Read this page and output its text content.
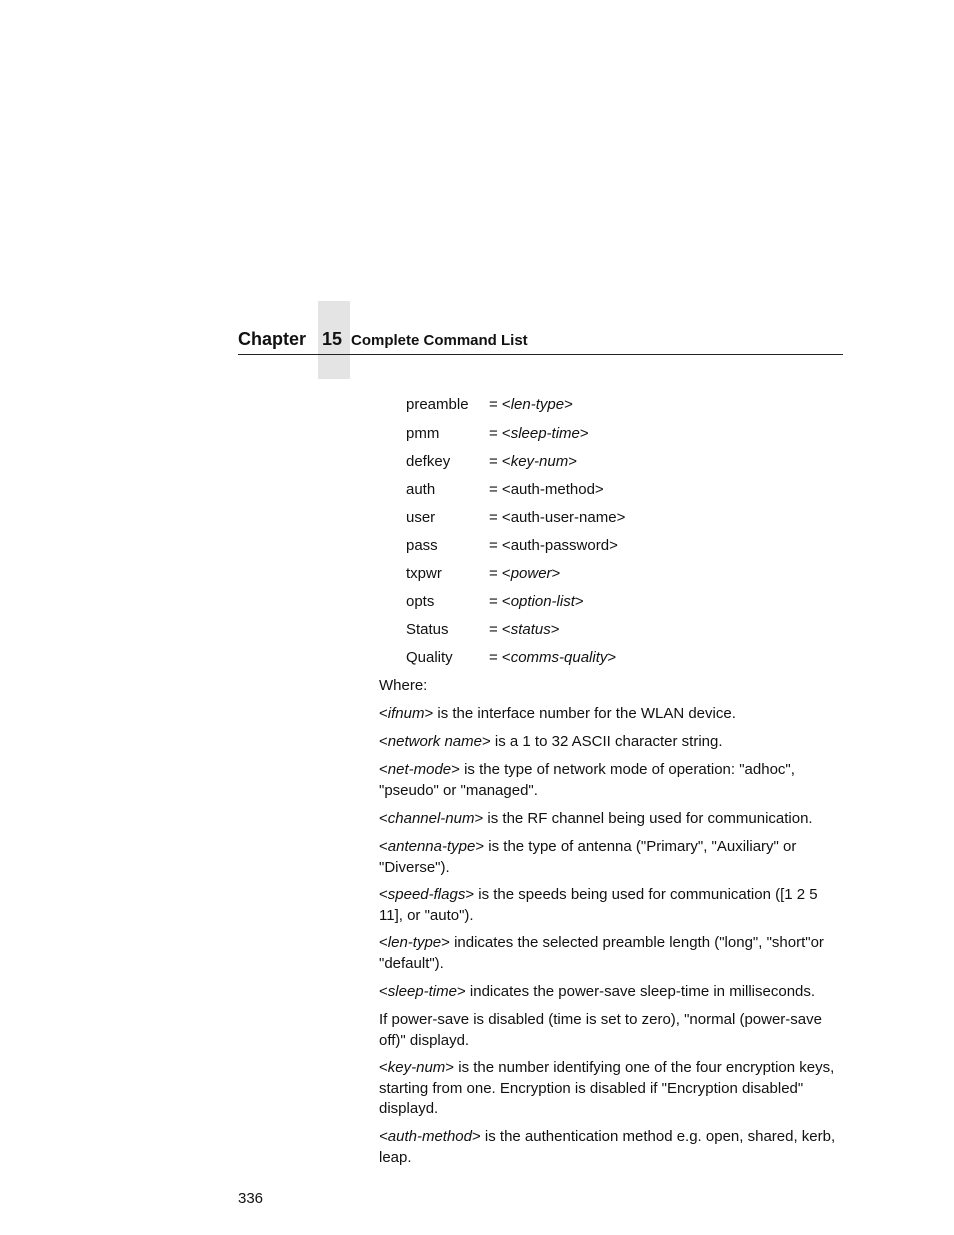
Chapter 15 Complete Command List
preamble = <len-type>
pmm	= <sleep-time>
defkey	= <key-num>
auth	= <auth-method>
user	= <auth-user-name>
pass	= <auth-password>
txpwr	= <power>
opts	= <option-list>
Status	= <status>
Quality = <comms-quality>
Where:
<ifnum> is the interface number for the WLAN device.
<network name> is a 1 to 32 ASCII character string.
<net-mode> is the type of network mode of operation: "adhoc", "pseudo" or "managed".
<channel-num> is the RF channel being used for communication.
<antenna-type> is the type of antenna ("Primary", "Auxiliary" or "Diverse").
<speed-flags> is the speeds being used for communication ([1 2 5 11], or "auto").
<len-type> indicates the selected preamble length ("long", "short"or "default").
<sleep-time> indicates the power-save sleep-time in milliseconds.
If power-save is disabled (time is set to zero), "normal (power-save off)" displayd.
<key-num> is the number identifying one of the four encryption keys, starting from one. Encryption is disabled if "Encryption disabled" displayd.
<auth-method> is the authentication method e.g. open, shared, kerb, leap.
336
